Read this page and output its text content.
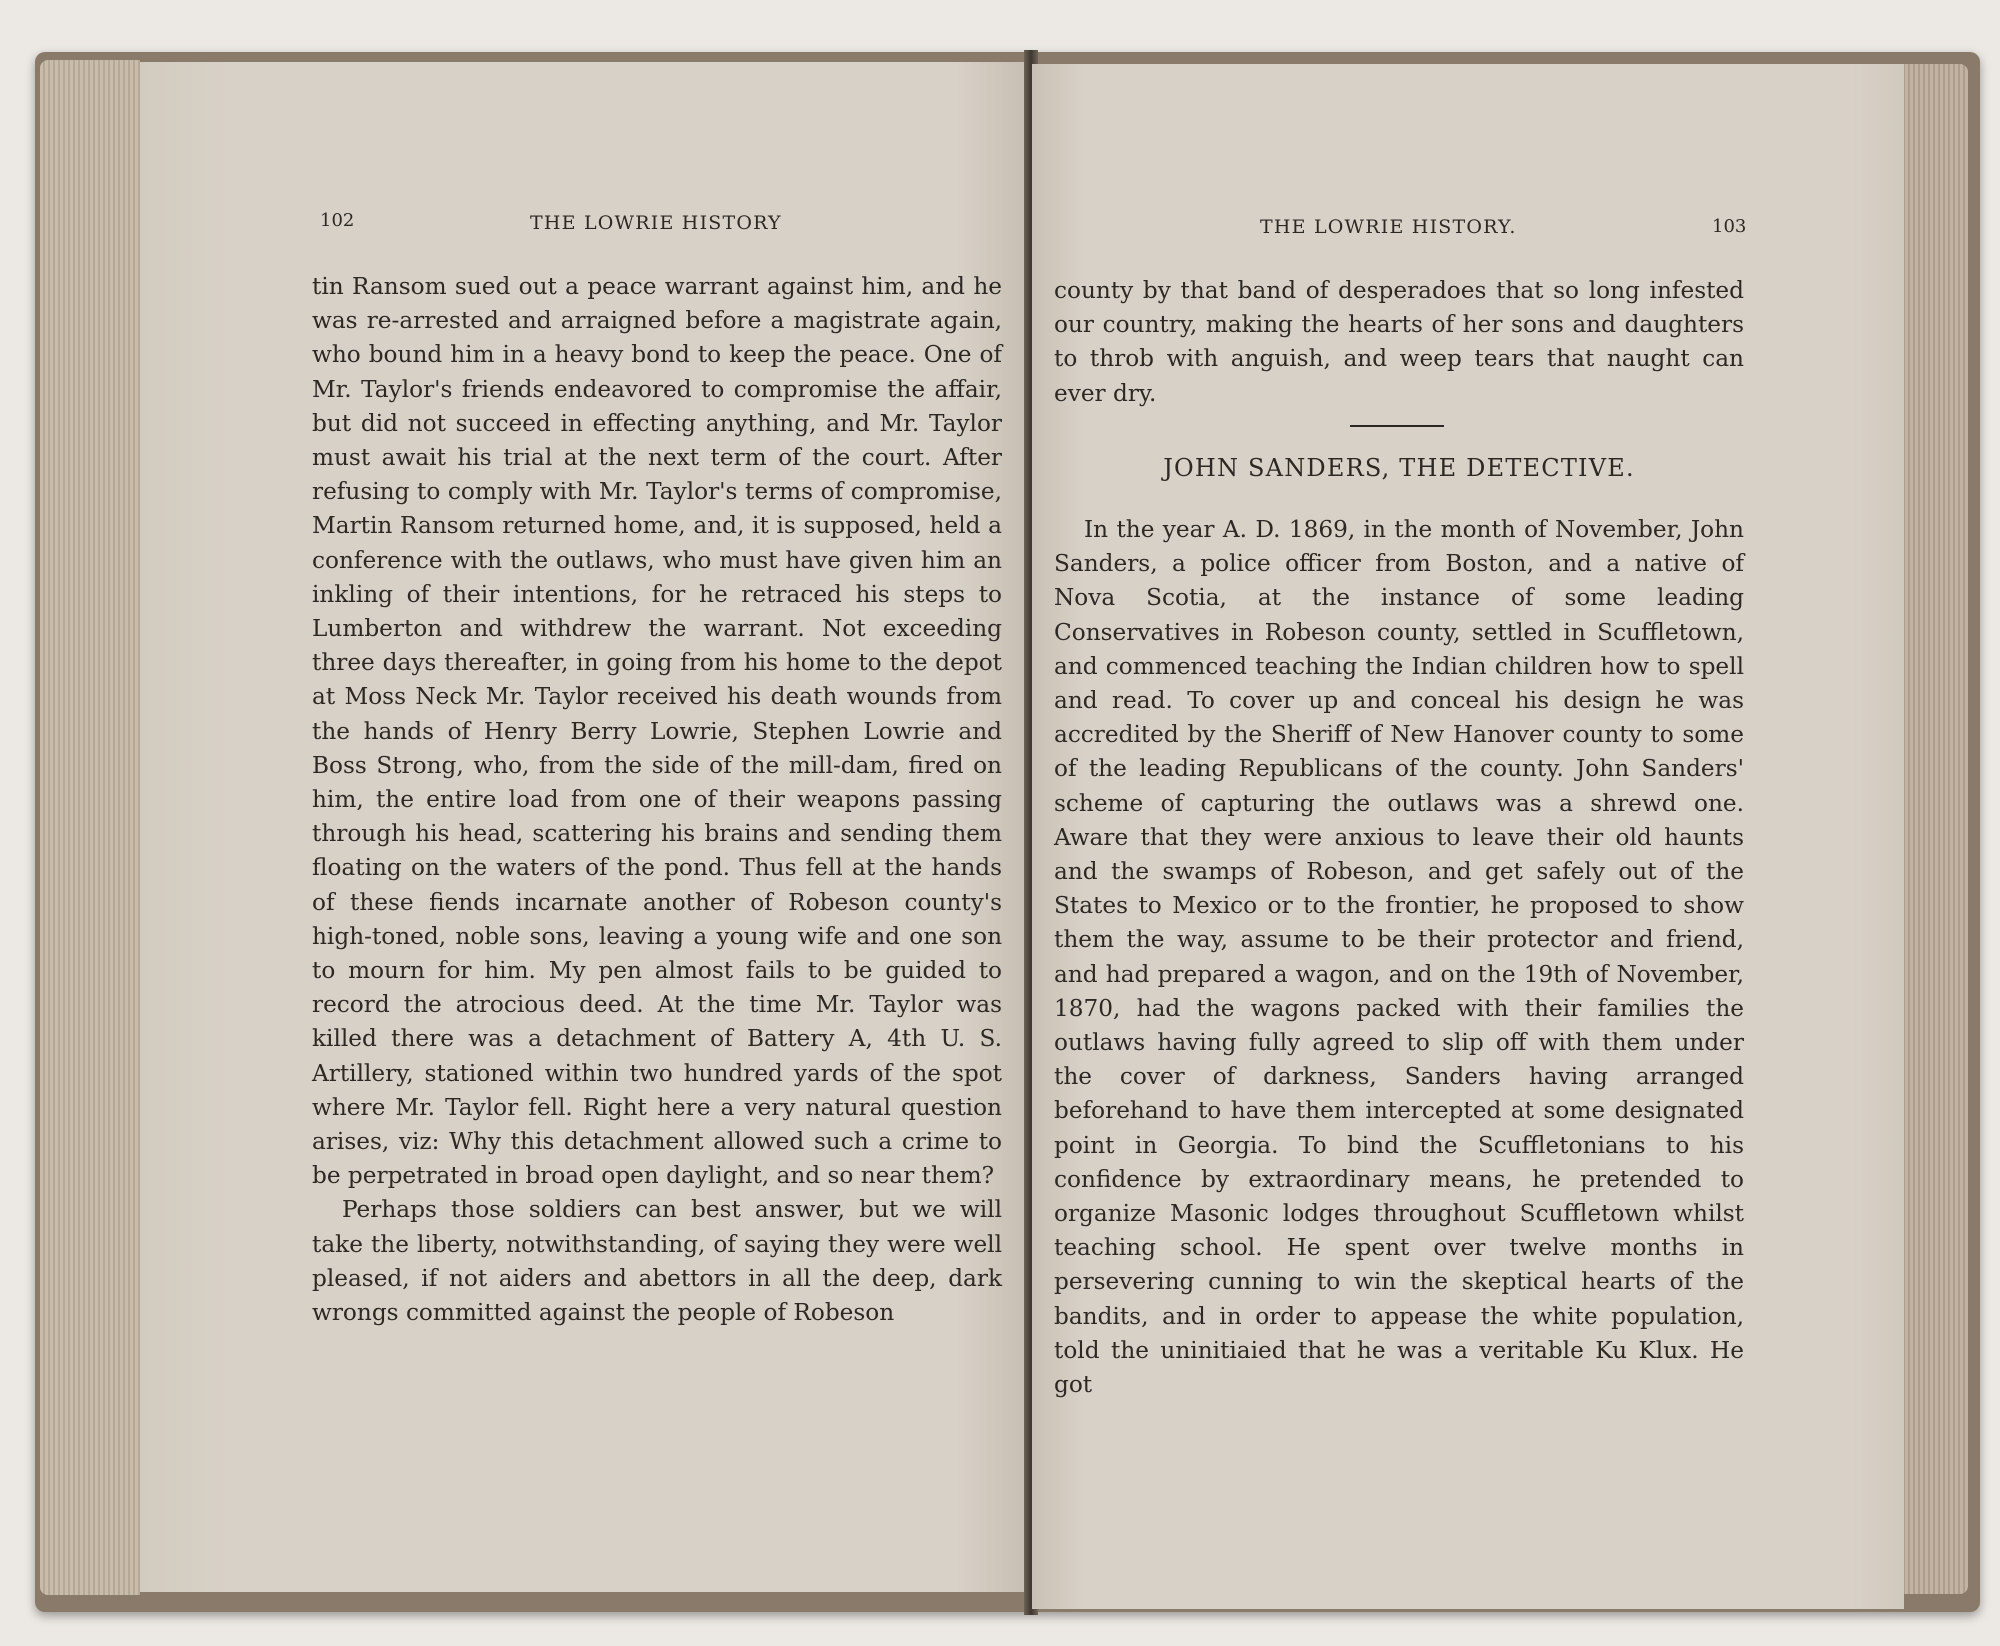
102	THE LOWRIE HISTORY

tin Ransom sued out a peace warrant against him, and he was re-arrested and arraigned before a magistrate again, who bound him in a heavy bond to keep the peace. One of Mr. Taylor's friends endeavored to compromise the affair, but did not succeed in effecting anything, and Mr. Taylor must await his trial at the next term of the court. After refusing to comply with Mr. Taylor's terms of compromise, Martin Ransom returned home, and, it is supposed, held a conference with the outlaws, who must have given him an inkling of their intentions, for he retraced his steps to Lumberton and withdrew the warrant. Not exceeding three days thereafter, in going from his home to the depot at Moss Neck Mr. Taylor received his death wounds from the hands of Henry Berry Lowrie, Stephen Lowrie and Boss Strong, who, from the side of the mill-dam, fired on him, the entire load from one of their weapons passing through his head, scattering his brains and sending them floating on the waters of the pond. Thus fell at the hands of these fiends incarnate another of Robeson county's high-toned, noble sons, leaving a young wife and one son to mourn for him. My pen almost fails to be guided to record the atrocious deed. At the time Mr. Taylor was killed there was a detachment of Battery A, 4th U. S. Artillery, stationed within two hundred yards of the spot where Mr. Taylor fell. Right here a very natural question arises, viz: Why this detachment allowed such a crime to be perpetrated in broad open daylight, and so near them?

Perhaps those soldiers can best answer, but we will take the liberty, notwithstanding, of saying they were well pleased, if not aiders and abettors in all the deep, dark wrongs committed against the people of Robeson

THE LOWRIE HISTORY.	103

county by that band of desperadoes that so long infested our country, making the hearts of her sons and daughters to throb with anguish, and weep tears that naught can ever dry.

JOHN SANDERS, THE DETECTIVE.

In the year A. D. 1869, in the month of November, John Sanders, a police officer from Boston, and a native of Nova Scotia, at the instance of some leading Conservatives in Robeson county, settled in Scuffletown, and commenced teaching the Indian children how to spell and read. To cover up and conceal his design he was accredited by the Sheriff of New Hanover county to some of the leading Republicans of the county. John Sanders' scheme of capturing the outlaws was a shrewd one. Aware that they were anxious to leave their old haunts and the swamps of Robeson, and get safely out of the States to Mexico or to the frontier, he proposed to show them the way, assume to be their protector and friend, and had prepared a wagon, and on the 19th of November, 1870, had the wagons packed with their families the outlaws having fully agreed to slip off with them under the cover of darkness, Sanders having arranged beforehand to have them intercepted at some designated point in Georgia. To bind the Scuffletonians to his confidence by extraordinary means, he pretended to organize Masonic lodges throughout Scuffletown whilst teaching school. He spent over twelve months in persevering cunning to win the skeptical hearts of the bandits, and in order to appease the white population, told the uninitiaied that he was a veritable Ku Klux. He got
